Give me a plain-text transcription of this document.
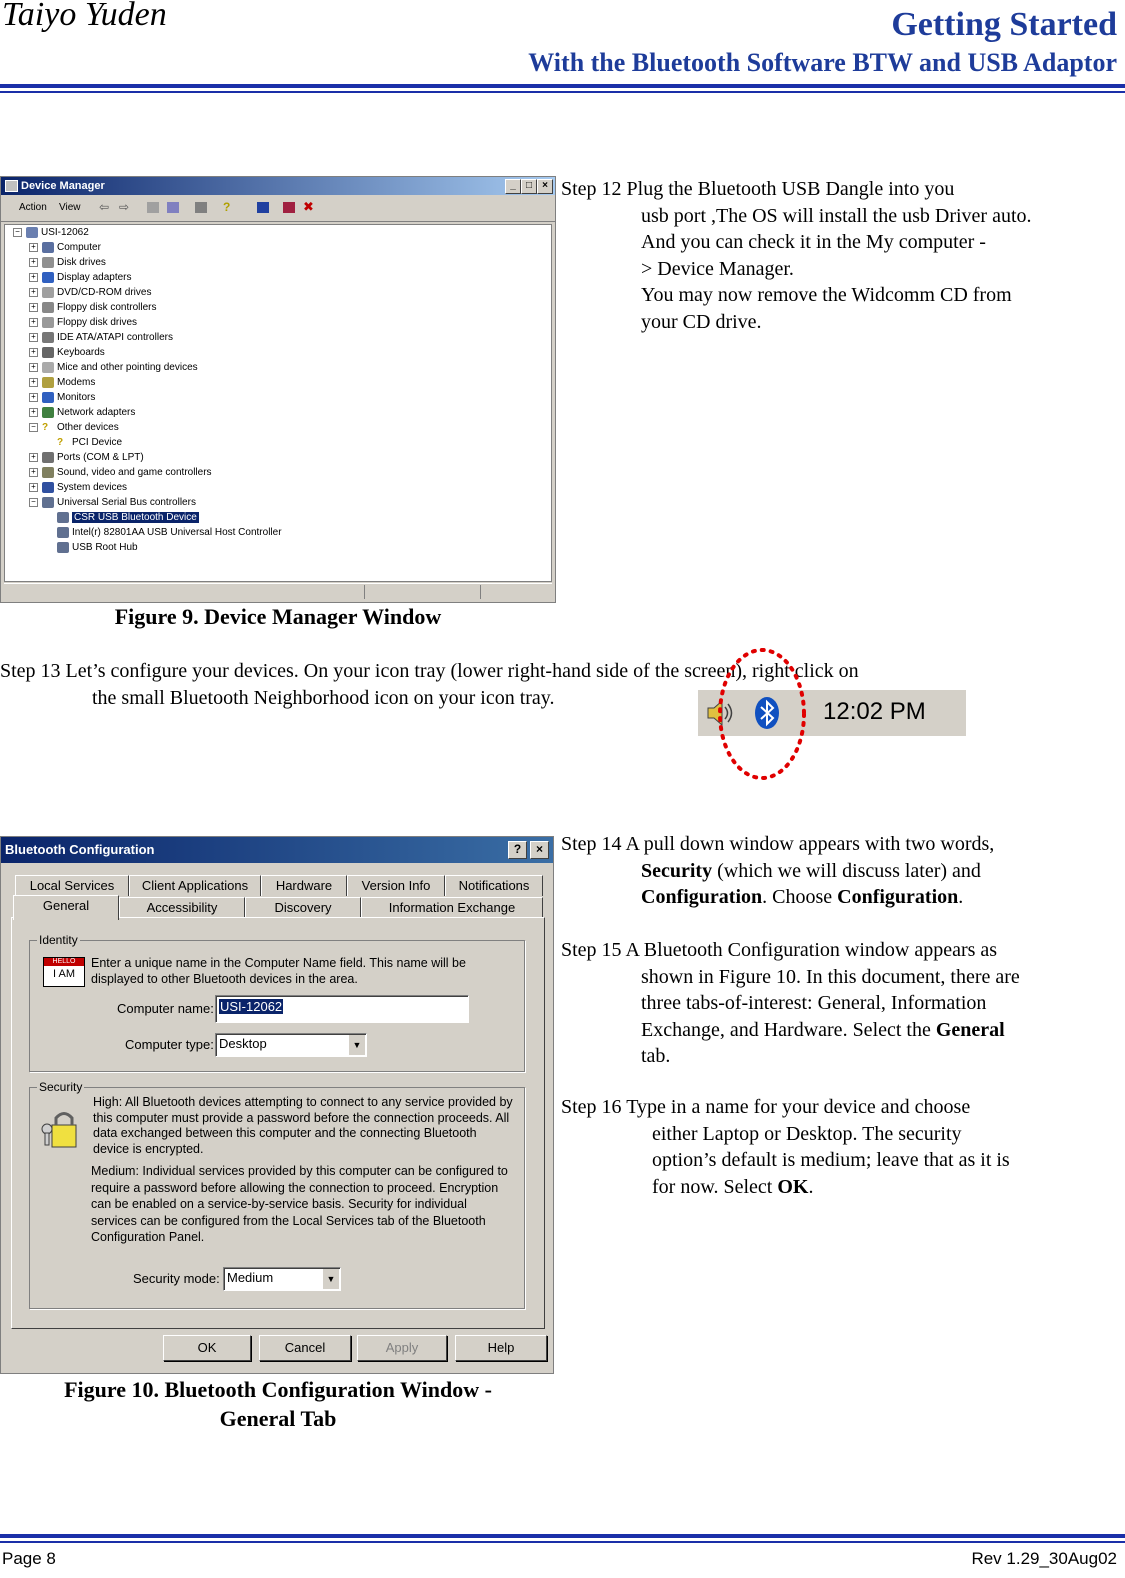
Taiyo Yuden	Getting Started
With the Bluetooth Software BTW and USB Adaptor
Device Manager	_	□	×
Action View ⇦ ⇨	?	✖
− USI-12062
+ Computer
+ Disk drives
+ Display adapters
+ DVD/CD-ROM drives
+ Floppy disk controllers
+ Floppy disk drives
+ IDE ATA/ATAPI controllers
+ Keyboards
+ Mice and other pointing devices
+ Modems
+ Monitors
+ Network adapters
− ? Other devices
? PCI Device
+ Ports (COM & LPT)
+ Sound, video and game controllers
+ System devices
− Universal Serial Bus controllers
CSR USB Bluetooth Device
Intel(r) 82801AA USB Universal Host Controller
USB Root Hub
Figure 9. Device Manager Window
Step 12 Plug the Bluetooth USB Dangle into you
usb port ,The OS will install the usb Driver auto.
And you can check it in the My computer -
> Device Manager.
You may now remove the Widcomm CD from
your CD drive.
Step 13 Let’s configure your devices. On your icon tray (lower right-hand side of the screen), right click on
the small Bluetooth Neighborhood icon on your icon tray.
12:02 PM
Bluetooth Configuration	?	×
Local Services	Client Applications	Hardware	Version Info	Notifications
General	Accessibility	Discovery	Information Exchange
Identity
HELLO
I AM
Enter a unique name in the Computer Name field. This name will be displayed to other Bluetooth devices in the area.
Computer name: USI-12062
Computer type: Desktop	▼
Security
High: All Bluetooth devices attempting to connect to any service provided by this computer must provide a password before the connection proceeds. All data exchanged between this computer and the connecting Bluetooth device is encrypted.
Medium: Individual services provided by this computer can be configured to require a password before allowing the connection to proceed. Encryption can be enabled on a service-by-service basis. Security for individual services can be configured from the Local Services tab of the Bluetooth Configuration Panel.
Security mode: Medium	▼
OK	Cancel	Apply	Help
Figure 10. Bluetooth Configuration Window -
General Tab
Step 14 A pull down window appears with two words,
Security (which we will discuss later) and
Configuration. Choose Configuration.
Step 15 A Bluetooth Configuration window appears as
shown in Figure 10. In this document, there are
three tabs-of-interest: General, Information
Exchange, and Hardware. Select the General
tab.
Step 16 Type in a name for your device and choose
either Laptop or Desktop. The security
option’s default is medium; leave that as it is
for now. Select OK.
Page 8	Rev 1.29_30Aug02
